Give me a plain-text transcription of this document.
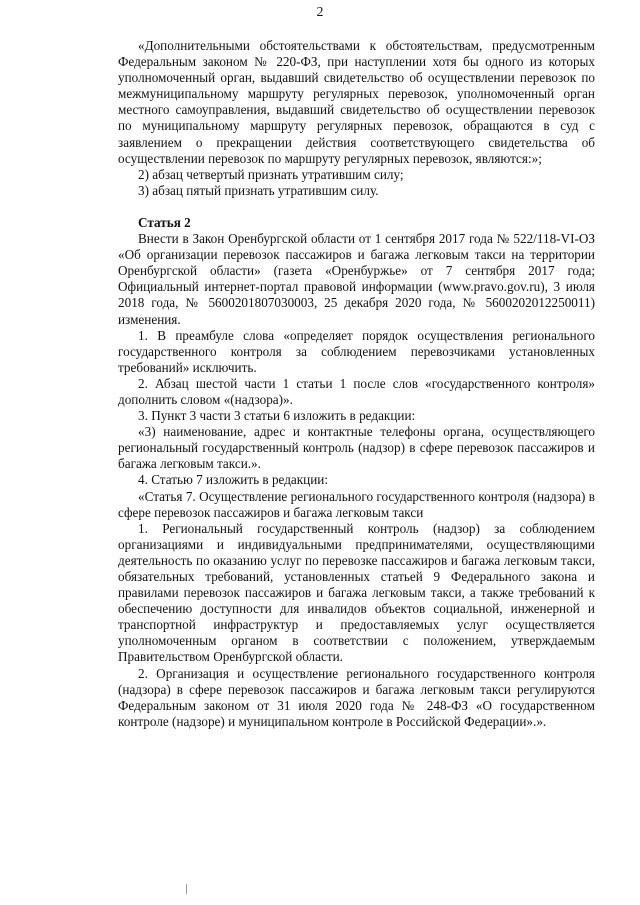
2

«Дополнительными обстоятельствами к обстоятельствам, предусмотренным Федеральным законом № 220-ФЗ, при наступлении хотя бы одного из которых уполномоченный орган, выдавший свидетельство об осуществлении перевозок по межмуниципальному маршруту регулярных перевозок, уполномоченный орган местного самоуправления, выдавший свидетельство об осуществлении перевозок по муниципальному маршруту регулярных перевозок, обращаются в суд с заявлением о прекращении действия соответствующего свидетельства об осуществлении перевозок по маршруту регулярных перевозок, являются:»;

2) абзац четвертый признать утратившим силу;

3) абзац пятый признать утратившим силу.

Статья 2

Внести в Закон Оренбургской области от 1 сентября 2017 года № 522/118-VI-ОЗ «Об организации перевозок пассажиров и багажа легковым такси на территории Оренбургской области» (газета «Оренбуржье» от 7 сентября 2017 года; Официальный интернет-портал правовой информации (www.pravo.gov.ru), 3 июля 2018 года, № 5600201807030003, 25 декабря 2020 года, № 5600202012250011) изменения.

1. В преамбуле слова «определяет порядок осуществления регионального государственного контроля за соблюдением перевозчиками установленных требований» исключить.

2. Абзац шестой части 1 статьи 1 после слов «государственного контроля» дополнить словом «(надзора)».

3. Пункт 3 части 3 статьи 6 изложить в редакции:

«3) наименование, адрес и контактные телефоны органа, осуществляющего региональный государственный контроль (надзор) в сфере перевозок пассажиров и багажа легковым такси.».

4. Статью 7 изложить в редакции:

«Статья 7. Осуществление регионального государственного контроля (надзора) в сфере перевозок пассажиров и багажа легковым такси

1. Региональный государственный контроль (надзор) за соблюдением организациями и индивидуальными предпринимателями, осуществляющими деятельность по оказанию услуг по перевозке пассажиров и багажа легковым такси, обязательных требований, установленных статьей 9 Федерального закона и правилами перевозок пассажиров и багажа легковым такси, а также требований к обеспечению доступности для инвалидов объектов социальной, инженерной и транспортной инфраструктур и предоставляемых услуг осуществляется уполномоченным органом в соответствии с положением, утверждаемым Правительством Оренбургской области.

2. Организация и осуществление регионального государственного контроля (надзора) в сфере перевозок пассажиров и багажа легковым такси регулируются Федеральным законом от 31 июля 2020 года № 248-ФЗ «О государственном контроле (надзоре) и муниципальном контроле в Российской Федерации».».
